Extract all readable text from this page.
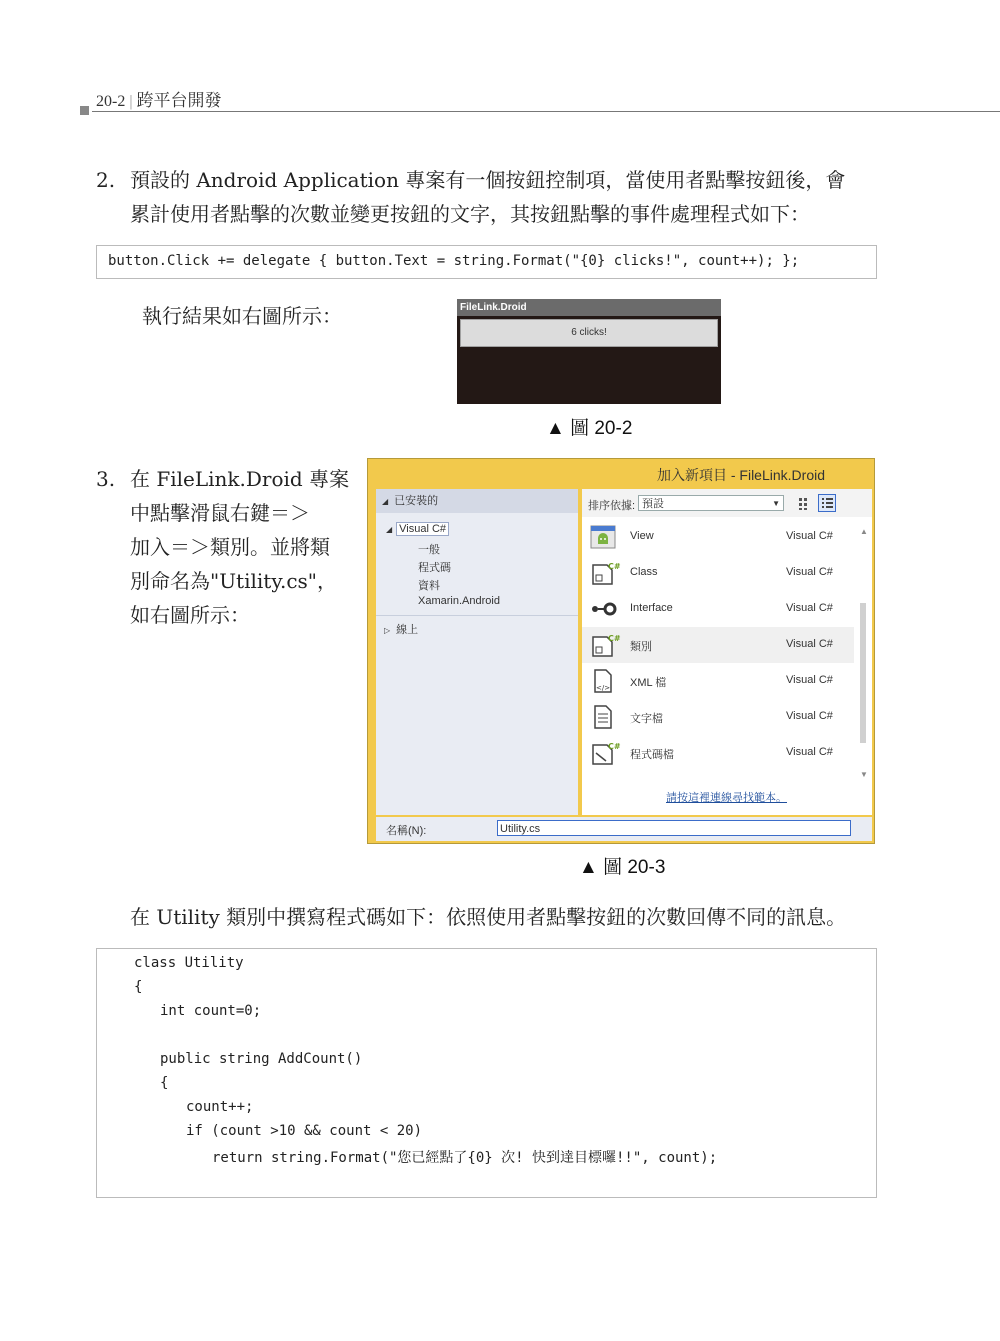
20-2 | 跨平台開發
2. 預設的 Android Application 專案有一個按鈕控制項，當使用者點擊按鈕後，會
累計使用者點擊的次數並變更按鈕的文字，其按鈕點擊的事件處理程式如下：
button.Click += delegate { button.Text = string.Format("{0} clicks!", count++); };
執行結果如右圖所示：	FileLink.Droid
6 clicks!
▲ 圖 20-2
3. 在 FileLink.Droid 專案
中點擊滑鼠右鍵＝＞
加入＝＞類別。並將類
別命名為"Utility.cs"，
如右圖所示：
加入新項目 - FileLink.Droid
◢ 已安裝的
◢ Visual C#
一般
程式碼
資料
Xamarin.Android
▷ 線上
排序依據: 預設	▼
View	Visual C#
C# Class	Visual C#
Interface	Visual C#
C#
類別	Visual C#
</> XML 檔	Visual C#
文字檔	Visual C#
C#
程式碼檔	Visual C#
▲
▼
請按這裡連線尋找範本。
名稱(N):	Utility.cs
▲ 圖 20-3
在 Utility 類別中撰寫程式碼如下：依照使用者點擊按鈕的次數回傳不同的訊息。
class Utility
{
int count=0;
public string AddCount()
{
count++;
if (count >10 && count < 20)
return string.Format("您已經點了{0} 次! 快到達目標囉!!", count);
